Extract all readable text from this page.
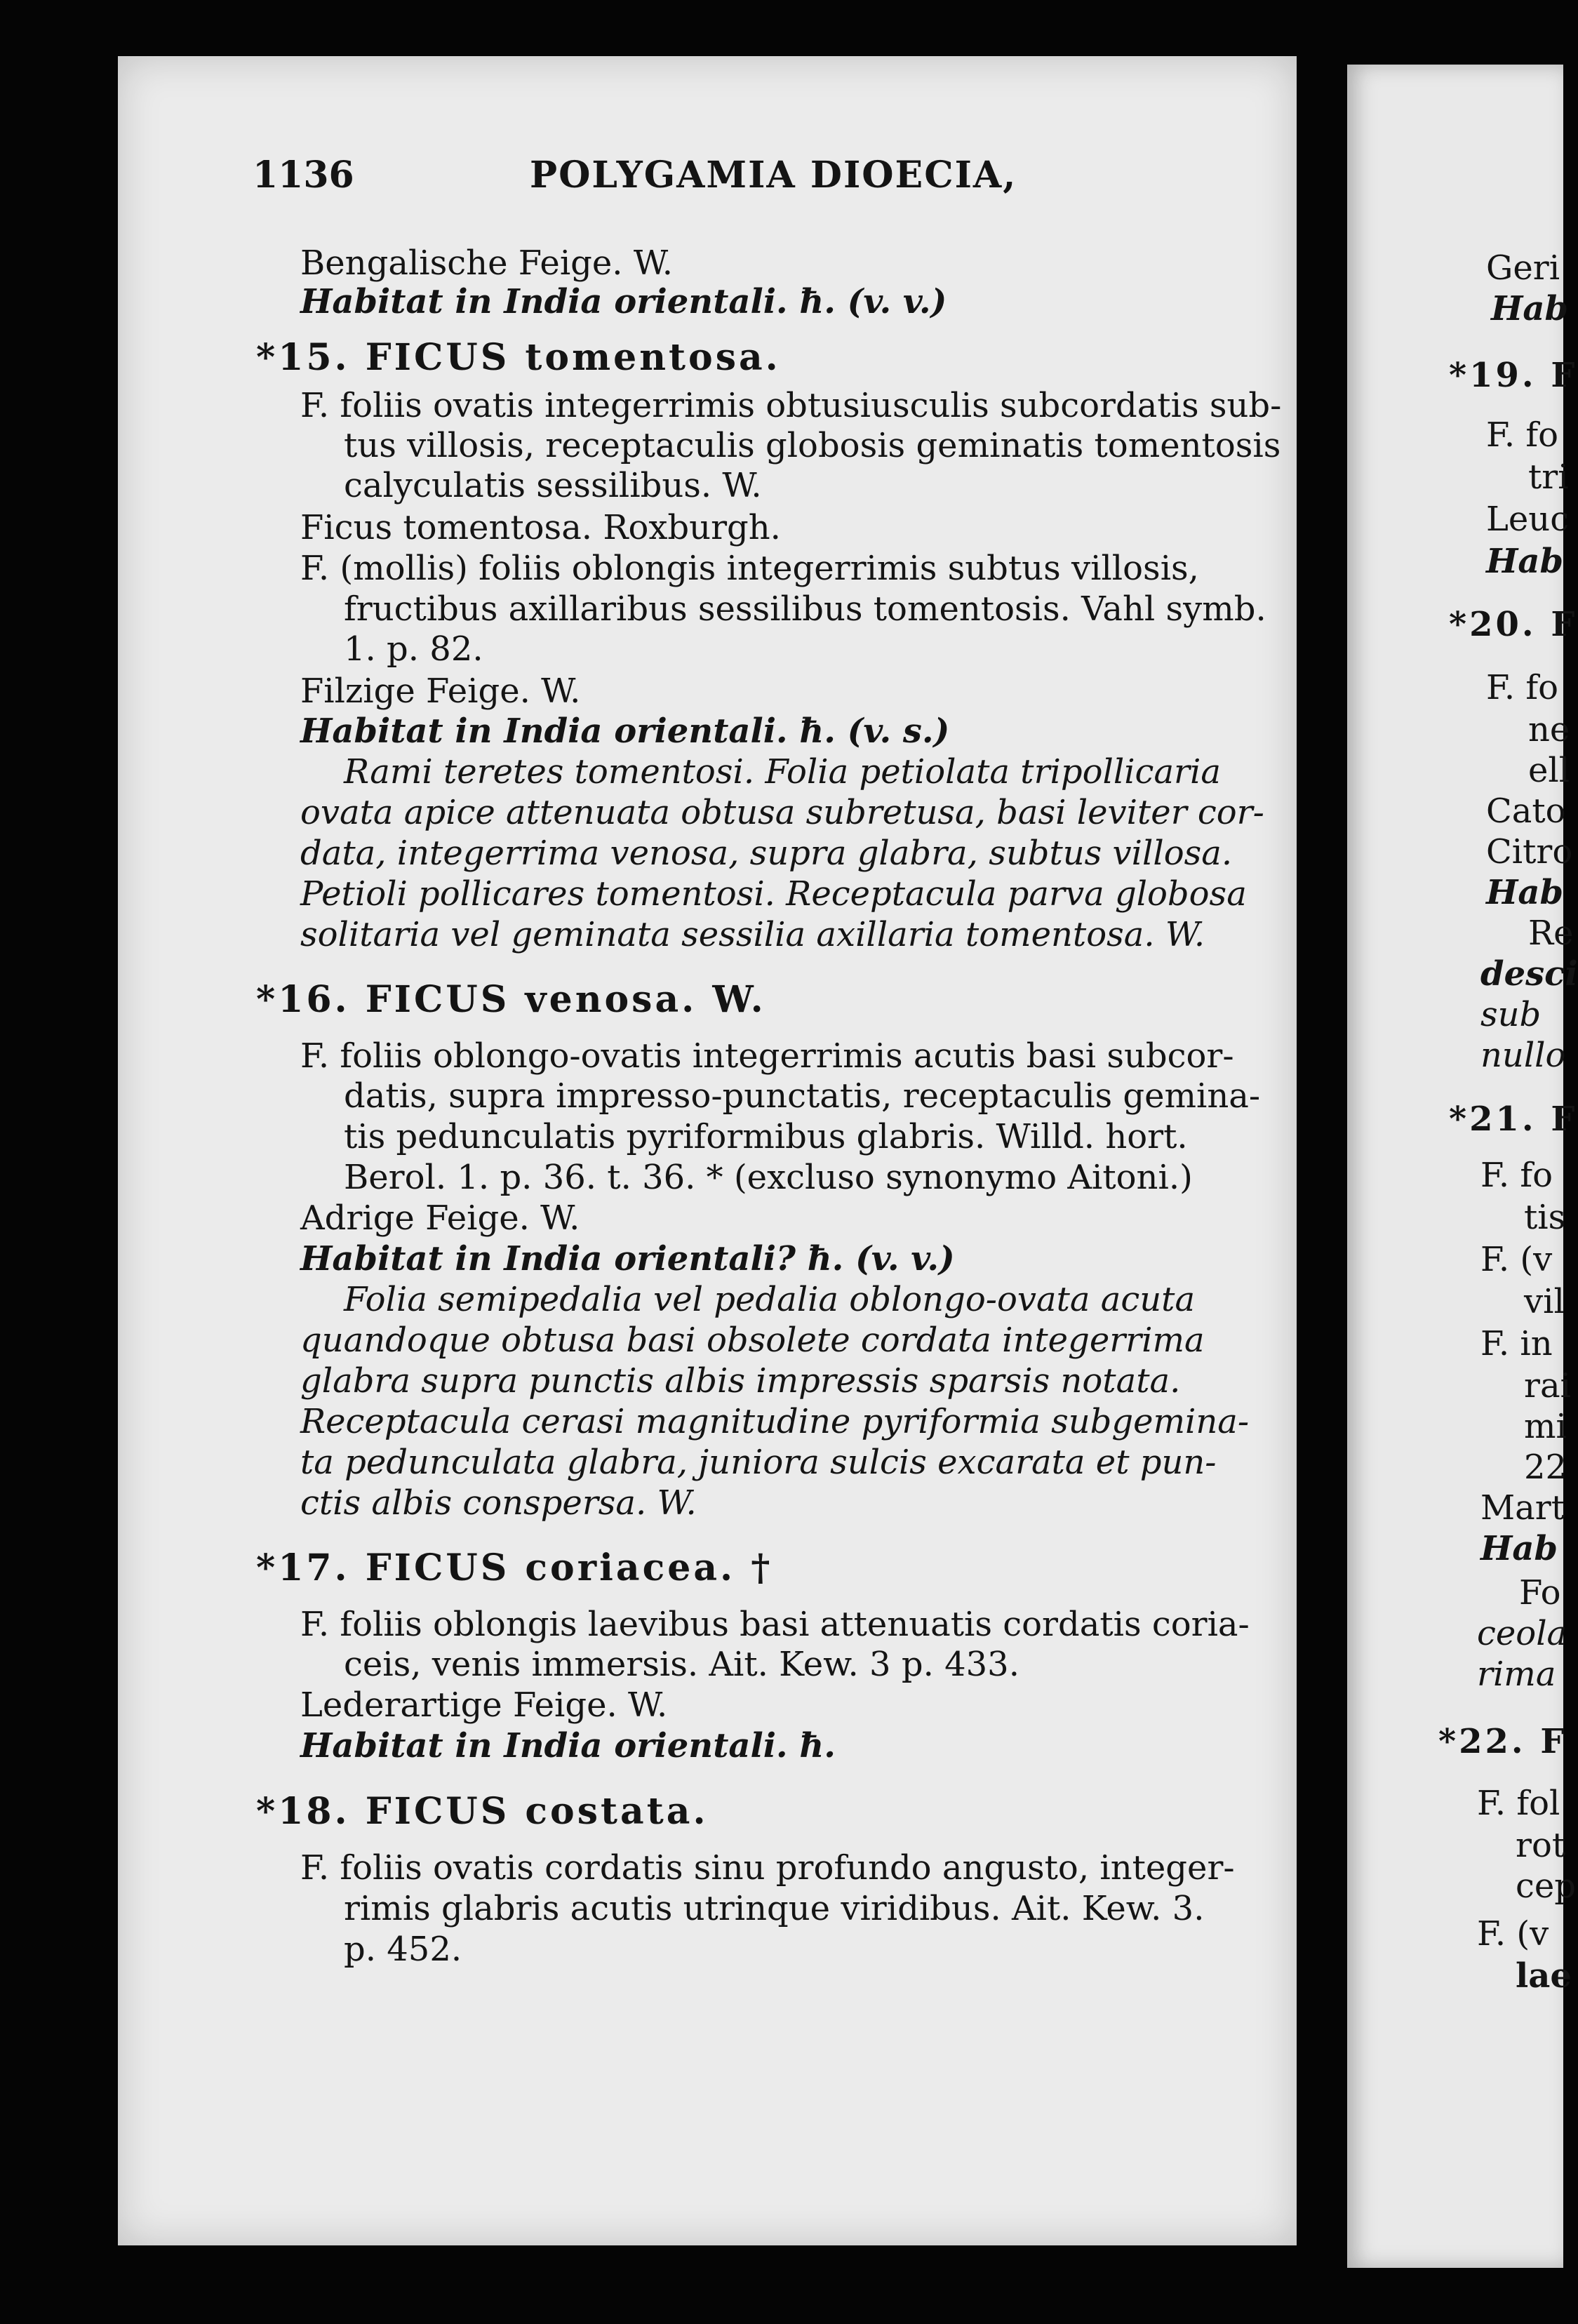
1136	POLYGAMIA DIOECIA,
Bengalische Feige. W.
Habitat in India orientali. ħ. (v. v.)
*15. FICUS tomentosa.
F. foliis ovatis integerrimis obtusiusculis subcordatis sub-
tus villosis, receptaculis globosis geminatis tomentosis
calyculatis sessilibus. W.
Ficus tomentosa. Roxburgh.
F. (mollis) foliis oblongis integerrimis subtus villosis,
fructibus axillaribus sessilibus tomentosis. Vahl symb.
1. p. 82.
Filzige Feige. W.
Habitat in India orientali. ħ. (v. s.)
Rami teretes tomentosi. Folia petiolata tripollicaria
ovata apice attenuata obtusa subretusa, basi leviter cor-
data, integerrima venosa, supra glabra, subtus villosa.
Petioli pollicares tomentosi. Receptacula parva globosa
solitaria vel geminata sessilia axillaria tomentosa. W.
*16. FICUS venosa. W.
F. foliis oblongo-ovatis integerrimis acutis basi subcor-
datis, supra impresso-punctatis, receptaculis gemina-
tis pedunculatis pyriformibus glabris. Willd. hort.
Berol. 1. p. 36. t. 36. * (excluso synonymo Aitoni.)
Adrige Feige. W.
Habitat in India orientali? ħ. (v. v.)
Folia semipedalia vel pedalia oblongo-ovata acuta
quandoque obtusa basi obsolete cordata integerrima
glabra supra punctis albis impressis sparsis notata.
Receptacula cerasi magnitudine pyriformia subgemina-
ta pedunculata glabra, juniora sulcis excarata et pun-
ctis albis conspersa. W.
*17. FICUS coriacea. †
F. foliis oblongis laevibus basi attenuatis cordatis coria-
ceis, venis immersis. Ait. Kew. 3 p. 433.
Lederartige Feige. W.
Habitat in India orientali. ħ.
*18. FICUS costata.
F. foliis ovatis cordatis sinu profundo angusto, integer-
rimis glabris acutis utrinque viridibus. Ait. Kew. 3.
p. 452.
Geri
Hab
*19. F
F. fo
tri
Leuc
Hab
*20. F
F. fo
ne
ell
Cato
Citro
Hab
Re
desci
sub
nullo
*21. F
F. fo
tis
F. (v
vil
F. in
rai
mi
22
Mart
Hab
Fo
ceola
rima
*22. F
F. fol
rot
cep
F. (v
lae
